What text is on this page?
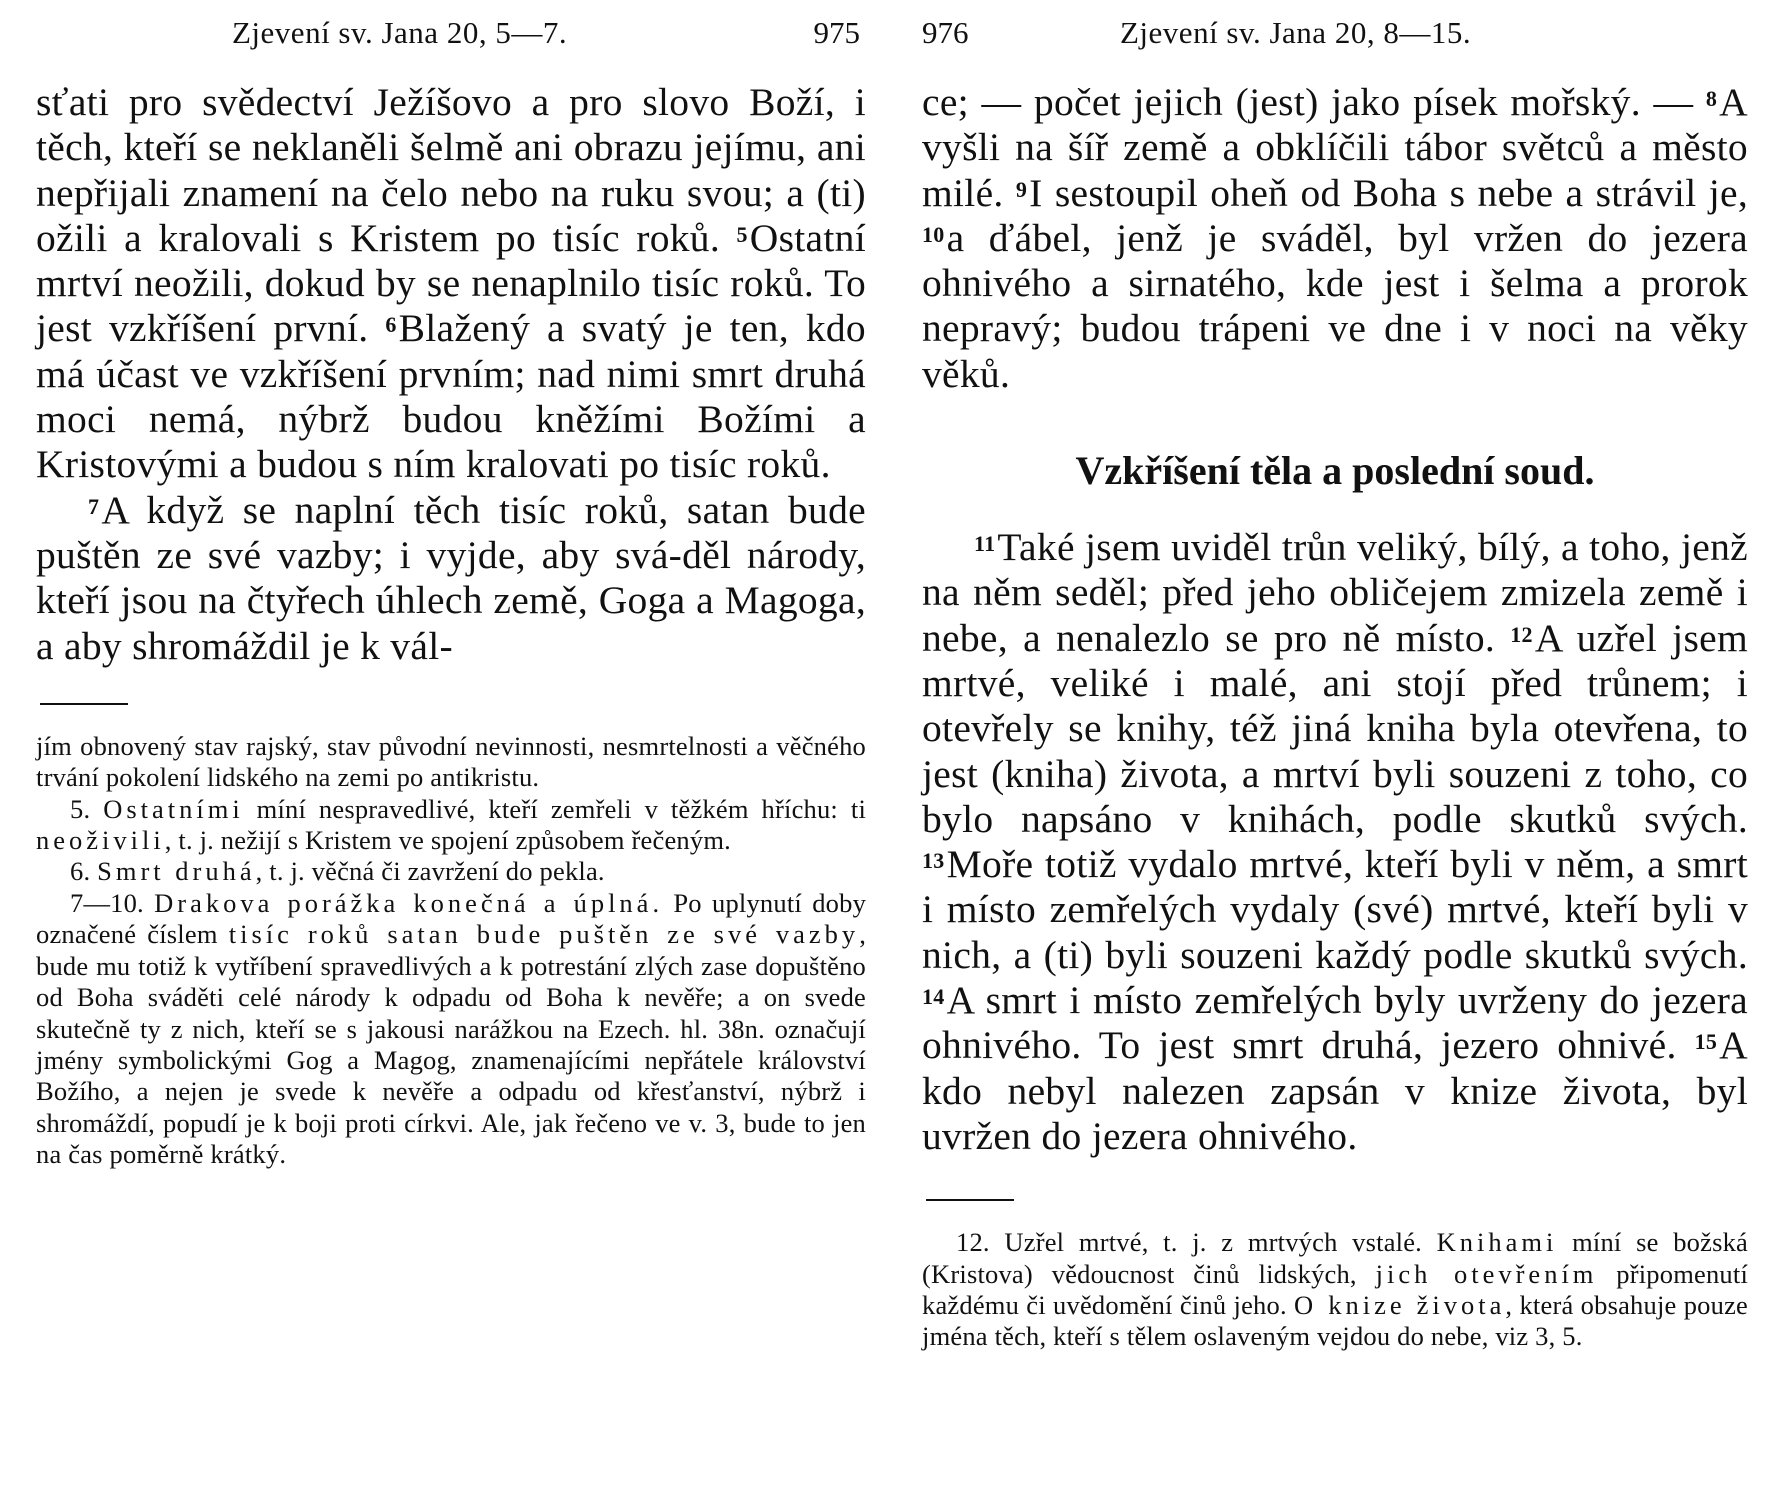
Zjevení sv. Jana 20, 5—7.	975

sťati pro svědectví Ježíšovo a pro slovo Boží, i těch, kteří se neklaněli šelmě ani obrazu jejímu, ani nepřijali znamení na čelo nebo na ruku svou; a (ti) ožili a kralovali s Kristem po tisíc roků. $^5$Ostatní mrtví neožili, dokud by se nenaplnilo tisíc roků. To jest vzkříšení první. $^6$Blažený a svatý je ten, kdo má účast ve vzkříšení prvním; nad nimi smrt druhá moci nemá, nýbrž budou kněžími Božími a Kristovými a budou s ním kralovati po tisíc roků.

$^7$A když se naplní těch tisíc roků, satan bude puštěn ze své vazby; i vyjde, aby svá-děl národy, kteří jsou na čtyřech úhlech země, Goga a Magoga, a aby shromáždil je k vál-

jím obnovený stav rajský, stav původní nevinnosti, nesmrtelnosti a věčného trvání pokolení lidského na zemi po antikristu.

5. Ostatními míní nespravedlivé, kteří zemřeli v těžkém hříchu: ti neoživili, t. j. nežijí s Kristem ve spojení způsobem řečeným.

6. Smrt druhá, t. j. věčná či zavržení do pekla.

7—10. Drakova porážka konečná a úplná. Po uplynutí doby označené číslem tisíc roků satan bude puštěn ze své vazby, bude mu totiž k vytříbení spravedlivých a k potrestání zlých zase dopuštěno od Boha sváděti celé národy k odpadu od Boha k nevěře; a on svede skutečně ty z nich, kteří se s jakousi narážkou na Ezech. hl. 38n. označují jmény symbolickými Gog a Magog, znamenajícími nepřátele království Božího, a nejen je svede k nevěře a odpadu od křesťanství, nýbrž i shromáždí, popudí je k boji proti církvi. Ale, jak řečeno ve v. 3, bude to jen na čas poměrně krátký.

976	Zjevení sv. Jana 20, 8—15.

ce; — počet jejich (jest) jako písek mořský. — $^8$A vyšli na šíř země a obklíčili tábor světců a město milé. $^9$I sestoupil oheň od Boha s nebe a strávil je, $^{10}$a ďábel, jenž je sváděl, byl vržen do jezera ohnivého a sirnatého, kde jest i šelma a prorok nepravý; budou trápeni ve dne i v noci na věky věků.

Vzkříšení těla a poslední soud.

$^{11}$Také jsem uviděl trůn veliký, bílý, a toho, jenž na něm seděl; před jeho obličejem zmizela země i nebe, a nenalezlo se pro ně místo. $^{12}$A uzřel jsem mrtvé, veliké i malé, ani stojí před trůnem; i otevřely se knihy, též jiná kniha byla otevřena, to jest (kniha) života, a mrtví byli souzeni z toho, co bylo napsáno v knihách, podle skutků svých. $^{13}$Moře totiž vydalo mrtvé, kteří byli v něm, a smrt i místo zemřelých vydaly (své) mrtvé, kteří byli v nich, a (ti) byli souzeni každý podle skutků svých. $^{14}$A smrt i místo zemřelých byly uvrženy do jezera ohnivého. To jest smrt druhá, jezero ohnivé. $^{15}$A kdo nebyl nalezen zapsán v knize života, byl uvržen do jezera ohnivého.

12. Uzřel mrtvé, t. j. z mrtvých vstalé. Knihami míní se božská (Kristova) vědoucnost činů lidských, jich otevřením připomenutí každému či uvědomění činů jeho. O knize života, která obsahuje pouze jména těch, kteří s tělem oslaveným vejdou do nebe, viz 3, 5.
